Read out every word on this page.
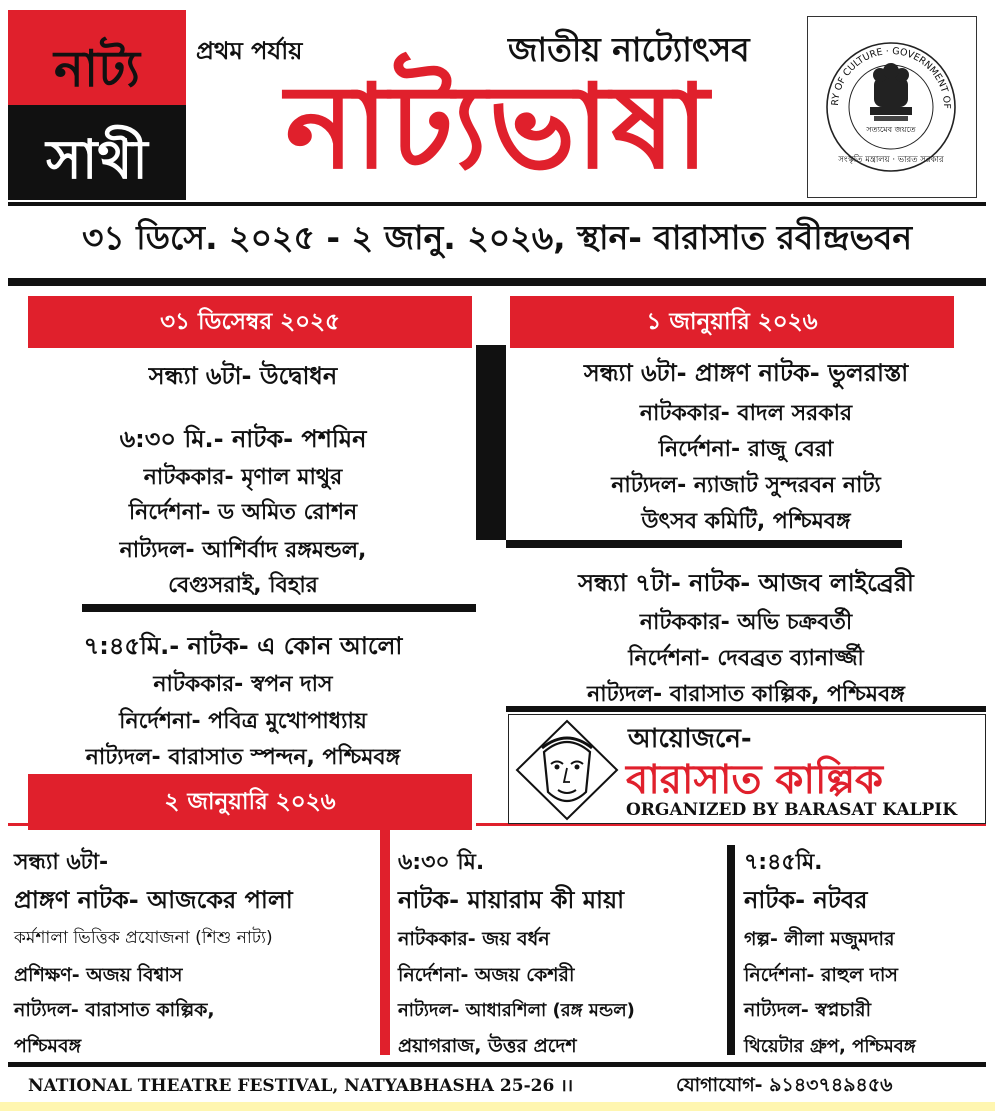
নাট্য
সাথী
প্রথম পর্যায়	জাতীয় নাট্যোৎসব
নাট্যভাষা	RY OF CULTURE · GOVERNMENT OF
সত্যমেব জয়তে
সংস্কৃতি মন্ত্রালয় · ভারত সরকার
৩১ ডিসে. ২০২৫ - ২ জানু. ২০২৬, স্থান- বারাসাত রবীন্দ্রভবন
৩১ ডিসেম্বর ২০২৫
সন্ধ্যা ৬টা- উদ্বোধন
৬:৩০ মি.- নাটক- পশমিন
নাটককার- মৃণাল মাথুর
নির্দেশনা- ড অমিত রোশন
নাট্যদল- আশির্বাদ রঙ্গমন্ডল,
বেগুসরাই, বিহার
৭:৪৫মি.- নাটক- এ কোন আলো
নাটককার- স্বপন দাস
নির্দেশনা- পবিত্র মুখোপাধ্যায়
নাট্যদল- বারাসাত স্পন্দন, পশ্চিমবঙ্গ
১ জানুয়ারি ২০২৬
সন্ধ্যা ৬টা- প্রাঙ্গণ নাটক- ভুলরাস্তা
নাটককার- বাদল সরকার
নির্দেশনা- রাজু বেরা
নাট্যদল- ন্যাজাট সুন্দরবন নাট্য
উৎসব কমিটি, পশ্চিমবঙ্গ
সন্ধ্যা ৭টা- নাটক- আজব লাইব্রেরী
নাটককার- অভি চক্রবর্তী
নির্দেশনা- দেবব্রত ব্যানার্জ্জী
নাট্যদল- বারাসাত কাল্পিক, পশ্চিমবঙ্গ
আয়োজনে-
বারাসাত কাল্পিক
ORGANIZED BY BARASAT KALPIK
২ জানুয়ারি ২০২৬
সন্ধ্যা ৬টা-
প্রাঙ্গণ নাটক- আজকের পালা
কর্মশালা ভিত্তিক প্রযোজনা (শিশু নাট্য)
প্রশিক্ষণ- অজয় বিশ্বাস
নাট্যদল- বারাসাত কাল্পিক,
পশ্চিমবঙ্গ
৬:৩০ মি.
নাটক- মায়ারাম কী মায়া
নাটককার- জয় বর্ধন
নির্দেশনা- অজয় কেশরী
নাট্যদল- আধারশিলা (রঙ্গ মন্ডল)
প্রয়াগরাজ, উত্তর প্রদেশ
৭:৪৫মি.
নাটক- নটবর
গল্প- লীলা মজুমদার
নির্দেশনা- রাহুল দাস
নাট্যদল- স্বপ্নচারী
থিয়েটার গ্রুপ, পশ্চিমবঙ্গ
NATIONAL THEATRE FESTIVAL, NATYABHASHA 25-26 ।।	যোগাযোগ- ৯১৪৩৭৪৯৪৫৬
